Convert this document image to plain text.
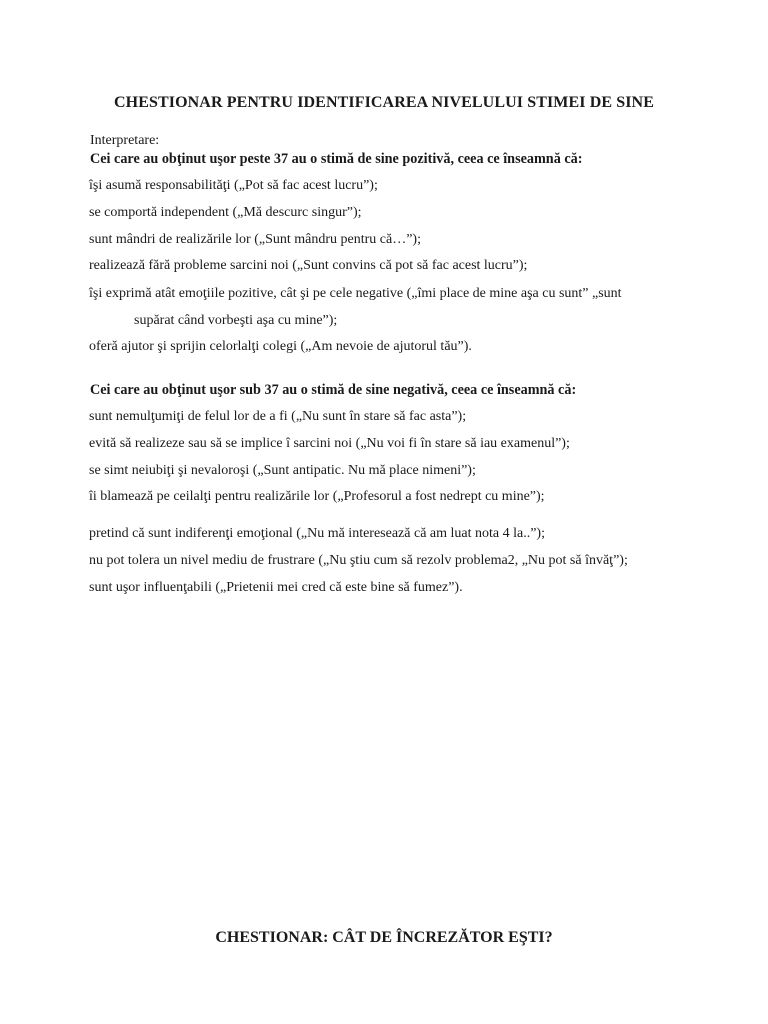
CHESTIONAR PENTRU IDENTIFICAREA NIVELULUI STIMEI DE SINE
Interpretare:
Cei care au obţinut uşor peste 37 au o stimă de sine pozitivă, ceea ce înseamnă că:
îşi asumă responsabilităţi („Pot să fac acest lucru”);
se comportă independent („Mă descurc singur”);
sunt mândri de realizările lor („Sunt mândru pentru că…”);
realizează fără probleme sarcini noi („Sunt convins că pot să fac acest lucru”);
îşi exprimă atât emoţiile pozitive, cât şi pe cele negative („îmi place de mine aşa cu sunt” „sunt
supărat când vorbeşti aşa cu mine”);
oferă ajutor şi sprijin celorlalţi colegi („Am nevoie de ajutorul tău”).
Cei care au obţinut uşor sub 37 au o stimă de sine negativă, ceea ce înseamnă că:
sunt nemulţumiţi de felul lor de a fi („Nu sunt în stare să fac asta”);
evită să realizeze sau să se implice î sarcini noi („Nu voi fi în stare să iau examenul”);
se simt neiubiţi şi nevaloroşi („Sunt antipatic. Nu mă place nimeni”);
îi blamează pe ceilalţi pentru realizările lor („Profesorul a fost nedrept cu mine”);
pretind că sunt indiferenţi emoţional („Nu mă interesează că am luat nota 4 la..”);
nu pot tolera un nivel mediu de frustrare („Nu ştiu cum să rezolv problema2, „Nu pot să învăţ”);
sunt uşor influenţabili („Prietenii mei cred că este bine să fumez”).
CHESTIONAR: CÂT DE ÎNCREZĂTOR EŞTI?
